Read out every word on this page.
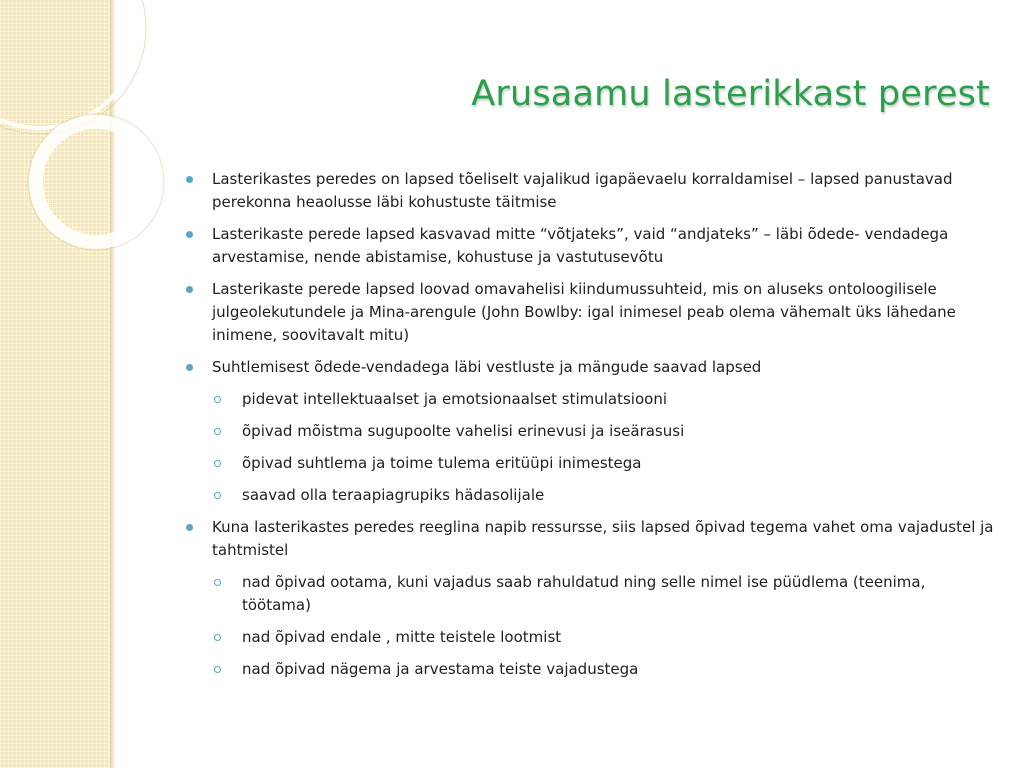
Arusaamu lasterikkast perest
Lasterikastes peredes on lapsed tõeliselt vajalikud igapäevaelu korraldamisel – lapsed panustavad perekonna heaolusse läbi kohustuste täitmise
Lasterikaste perede lapsed kasvavad mitte “võtjateks”, vaid “andjateks” – läbi õdede- vendadega arvestamise, nende abistamise, kohustuse ja vastutusevõtu
Lasterikaste perede lapsed loovad omavahelisi kiindumussuhteid, mis on aluseks ontoloogilisele julgeolekutundele ja Mina-arengule (John Bowlby: igal inimesel peab olema vähemalt üks lähedane inimene, soovitavalt mitu)
Suhtlemisest õdede-vendadega läbi vestluste ja mängude saavad lapsed
pidevat intellektuaalset ja emotsionaalset stimulatsiooni
õpivad mõistma sugupoolte vahelisi erinevusi ja iseärasusi
õpivad suhtlema ja toime tulema eritüüpi inimestega
saavad olla teraapiagrupiks hädasolijale
Kuna lasterikastes peredes reeglina napib ressursse, siis lapsed õpivad tegema vahet oma vajadustel ja tahtmistel
nad õpivad ootama, kuni vajadus saab rahuldatud ning selle nimel ise püüdlema (teenima, töötama)
nad õpivad endale , mitte teistele lootmist
nad õpivad nägema ja arvestama teiste vajadustega
